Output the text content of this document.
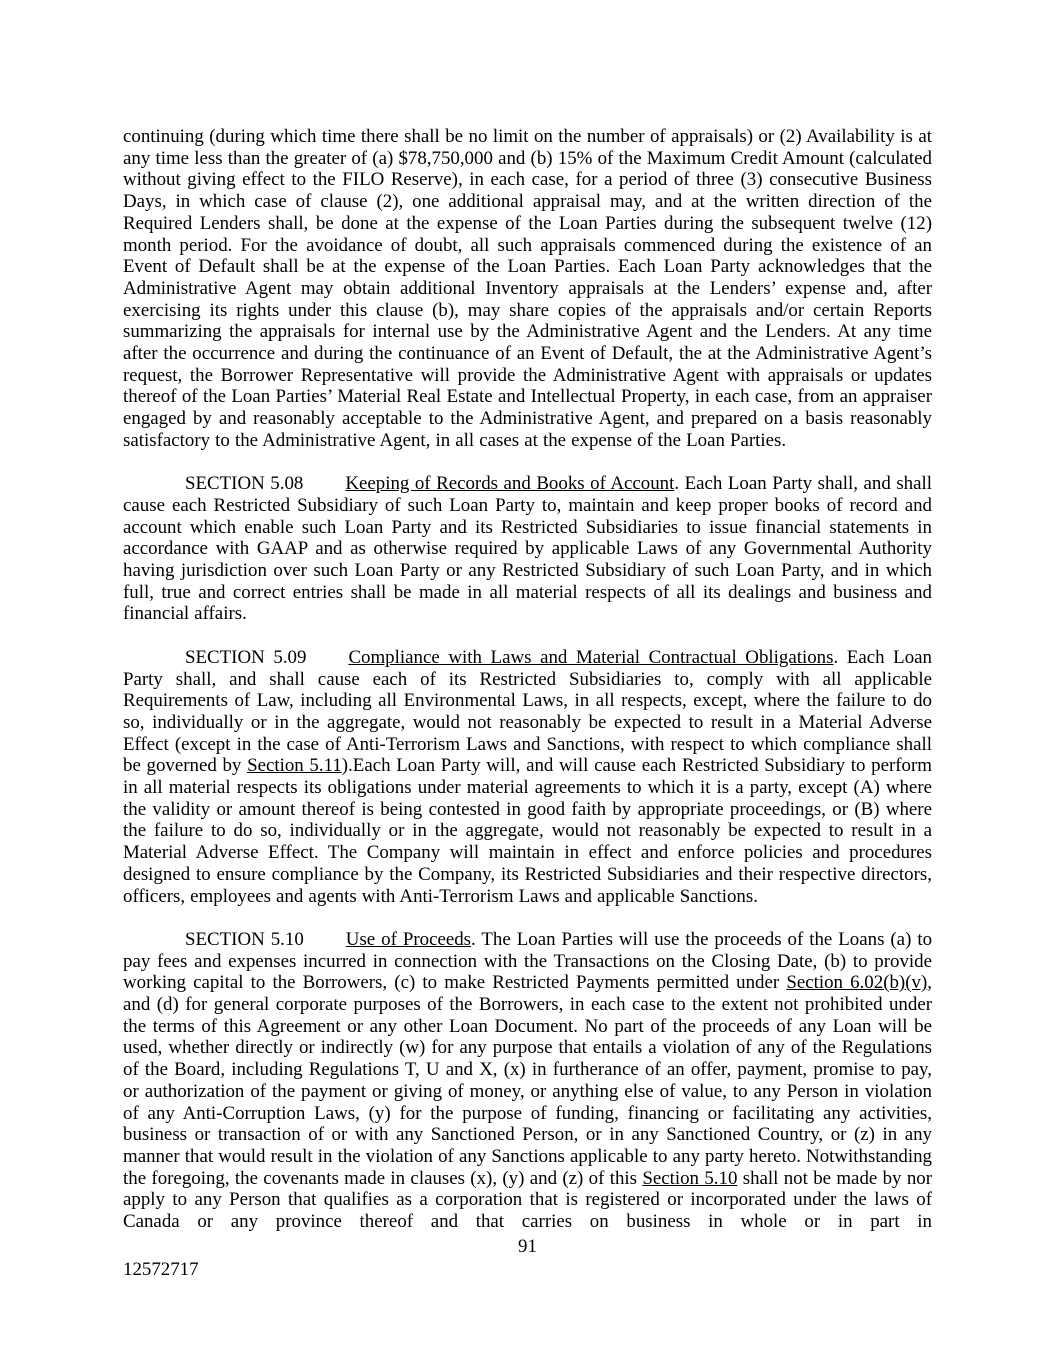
continuing (during which time there shall be no limit on the number of appraisals) or (2) Availability is at any time less than the greater of (a) $78,750,000 and (b) 15% of the Maximum Credit Amount (calculated without giving effect to the FILO Reserve), in each case, for a period of three (3) consecutive Business Days, in which case of clause (2), one additional appraisal may, and at the written direction of the Required Lenders shall, be done at the expense of the Loan Parties during the subsequent twelve (12) month period. For the avoidance of doubt, all such appraisals commenced during the existence of an Event of Default shall be at the expense of the Loan Parties. Each Loan Party acknowledges that the Administrative Agent may obtain additional Inventory appraisals at the Lenders’ expense and, after exercising its rights under this clause (b), may share copies of the appraisals and/or certain Reports summarizing the appraisals for internal use by the Administrative Agent and the Lenders. At any time after the occurrence and during the continuance of an Event of Default, the at the Administrative Agent’s request, the Borrower Representative will provide the Administrative Agent with appraisals or updates thereof of the Loan Parties’ Material Real Estate and Intellectual Property, in each case, from an appraiser engaged by and reasonably acceptable to the Administrative Agent, and prepared on a basis reasonably satisfactory to the Administrative Agent, in all cases at the expense of the Loan Parties.

SECTION 5.08 Keeping of Records and Books of Account. Each Loan Party shall, and shall cause each Restricted Subsidiary of such Loan Party to, maintain and keep proper books of record and account which enable such Loan Party and its Restricted Subsidiaries to issue financial statements in accordance with GAAP and as otherwise required by applicable Laws of any Governmental Authority having jurisdiction over such Loan Party or any Restricted Subsidiary of such Loan Party, and in which full, true and correct entries shall be made in all material respects of all its dealings and business and financial affairs.

SECTION 5.09 Compliance with Laws and Material Contractual Obligations. Each Loan Party shall, and shall cause each of its Restricted Subsidiaries to, comply with all applicable Requirements of Law, including all Environmental Laws, in all respects, except, where the failure to do so, individually or in the aggregate, would not reasonably be expected to result in a Material Adverse Effect (except in the case of Anti-Terrorism Laws and Sanctions, with respect to which compliance shall be governed by Section 5.11).Each Loan Party will, and will cause each Restricted Subsidiary to perform in all material respects its obligations under material agreements to which it is a party, except (A) where the validity or amount thereof is being contested in good faith by appropriate proceedings, or (B) where the failure to do so, individually or in the aggregate, would not reasonably be expected to result in a Material Adverse Effect. The Company will maintain in effect and enforce policies and procedures designed to ensure compliance by the Company, its Restricted Subsidiaries and their respective directors, officers, employees and agents with Anti-Terrorism Laws and applicable Sanctions.

SECTION 5.10 Use of Proceeds. The Loan Parties will use the proceeds of the Loans (a) to pay fees and expenses incurred in connection with the Transactions on the Closing Date, (b) to provide working capital to the Borrowers, (c) to make Restricted Payments permitted under Section 6.02(b)(v), and (d) for general corporate purposes of the Borrowers, in each case to the extent not prohibited under the terms of this Agreement or any other Loan Document. No part of the proceeds of any Loan will be used, whether directly or indirectly (w) for any purpose that entails a violation of any of the Regulations of the Board, including Regulations T, U and X, (x) in furtherance of an offer, payment, promise to pay, or authorization of the payment or giving of money, or anything else of value, to any Person in violation of any Anti-Corruption Laws, (y) for the purpose of funding, financing or facilitating any activities, business or transaction of or with any Sanctioned Person, or in any Sanctioned Country, or (z) in any manner that would result in the violation of any Sanctions applicable to any party hereto. Notwithstanding the foregoing, the covenants made in clauses (x), (y) and (z) of this Section 5.10 shall not be made by nor apply to any Person that qualifies as a corporation that is registered or incorporated under the laws of Canada or any province thereof and that carries on business in whole or in part in

91
12572717
